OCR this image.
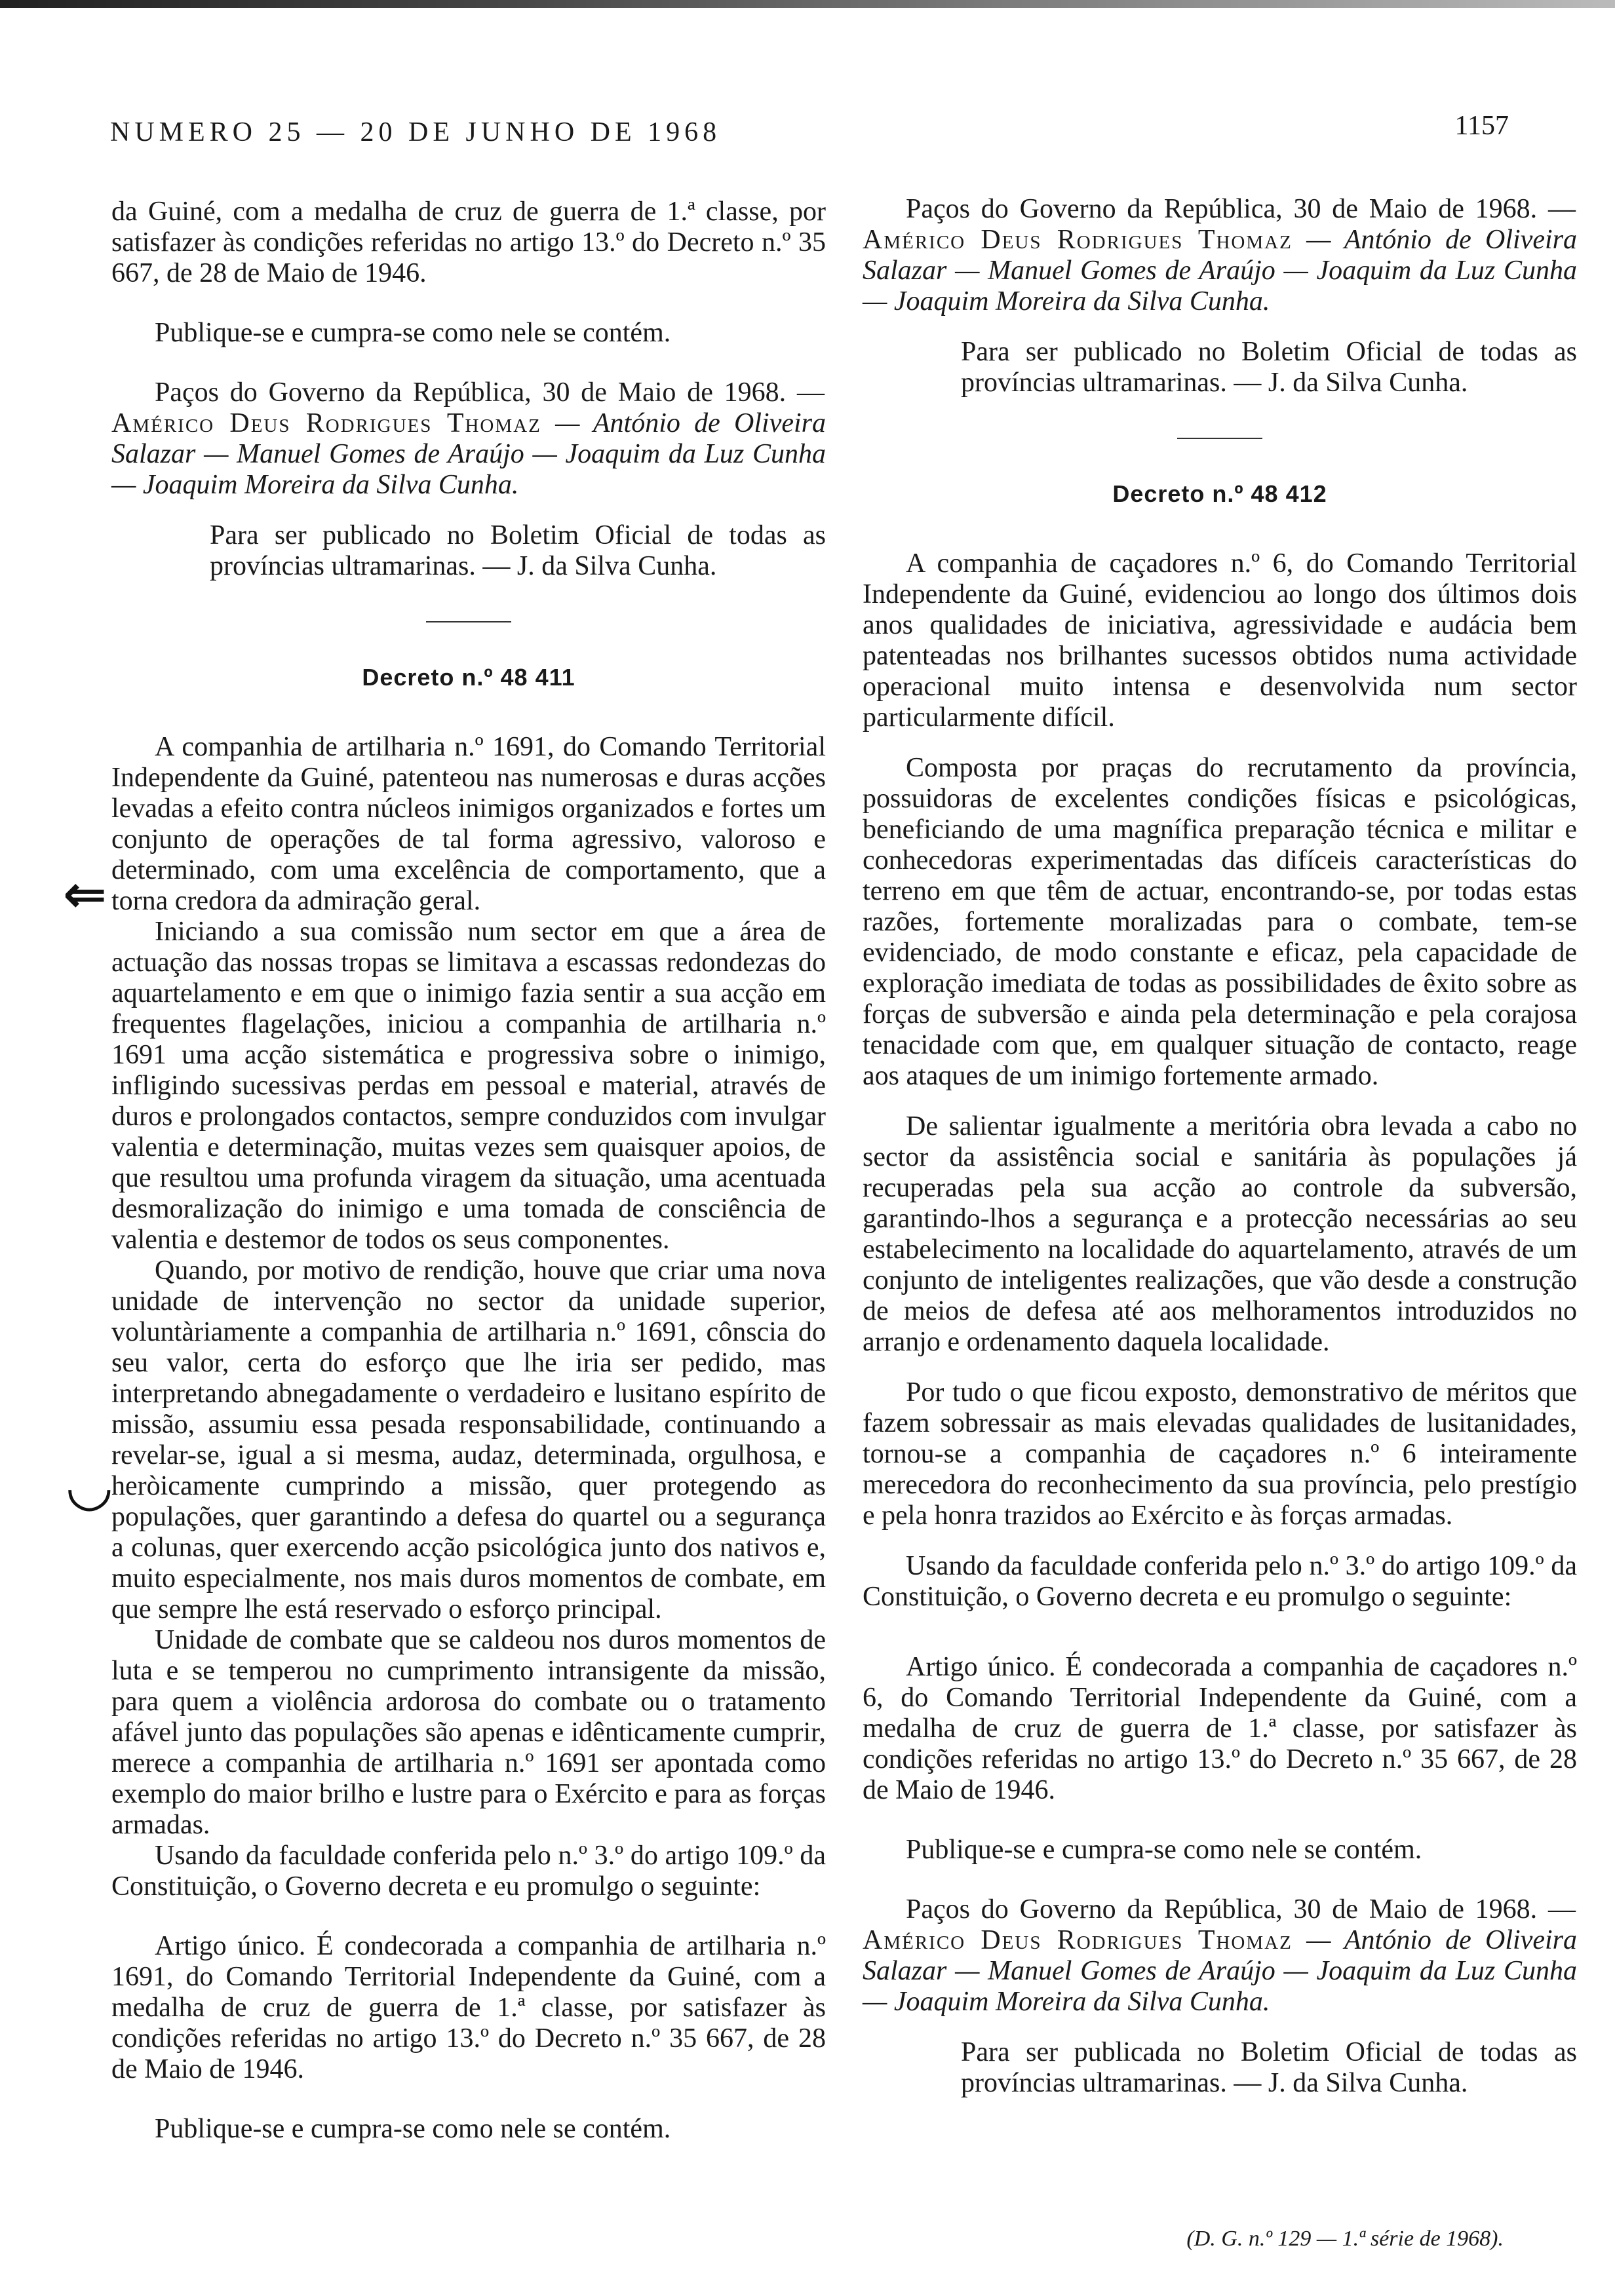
NUMERO 25 — 20 DE JUNHO DE 1968	1157
⇐
◡

da Guiné, com a medalha de cruz de guerra de 1.ª classe, por satisfazer às condições referidas no artigo 13.º do Decreto n.º 35 667, de 28 de Maio de 1946.

Publique-se e cumpra-se como nele se contém.

Paços do Governo da República, 30 de Maio de 1968. — Américo Deus Rodrigues Thomaz — António de Oliveira Salazar — Manuel Gomes de Araújo — Joaquim da Luz Cunha — Joaquim Moreira da Silva Cunha.

Para ser publicado no Boletim Oficial de todas as províncias ultramarinas. — J. da Silva Cunha.

Decreto n.º 48 411

A companhia de artilharia n.º 1691, do Comando Territorial Independente da Guiné, patenteou nas numerosas e duras acções levadas a efeito contra núcleos inimigos organizados e fortes um conjunto de operações de tal forma agressivo, valoroso e determinado, com uma excelência de comportamento, que a torna credora da admiração geral.

Iniciando a sua comissão num sector em que a área de actuação das nossas tropas se limitava a escassas redondezas do aquartelamento e em que o inimigo fazia sentir a sua acção em frequentes flagelações, iniciou a companhia de artilharia n.º 1691 uma acção sistemática e progressiva sobre o inimigo, infligindo sucessivas perdas em pessoal e material, através de duros e prolongados contactos, sempre conduzidos com invulgar valentia e determinação, muitas vezes sem quaisquer apoios, de que resultou uma profunda viragem da situação, uma acentuada desmoralização do inimigo e uma tomada de consciência de valentia e destemor de todos os seus componentes.

Quando, por motivo de rendição, houve que criar uma nova unidade de intervenção no sector da unidade superior, voluntàriamente a companhia de artilharia n.º 1691, cônscia do seu valor, certa do esforço que lhe iria ser pedido, mas interpretando abnegadamente o verdadeiro e lusitano espírito de missão, assumiu essa pesada responsabilidade, continuando a revelar-se, igual a si mesma, audaz, determinada, orgulhosa, e heròicamente cumprindo a missão, quer protegendo as populações, quer garantindo a defesa do quartel ou a segurança a colunas, quer exercendo acção psicológica junto dos nativos e, muito especialmente, nos mais duros momentos de combate, em que sempre lhe está reservado o esforço principal.

Unidade de combate que se caldeou nos duros momentos de luta e se temperou no cumprimento intransigente da missão, para quem a violência ardorosa do combate ou o tratamento afável junto das populações são apenas e idênticamente cumprir, merece a companhia de artilharia n.º 1691 ser apontada como exemplo do maior brilho e lustre para o Exército e para as forças armadas.

Usando da faculdade conferida pelo n.º 3.º do artigo 109.º da Constituição, o Governo decreta e eu promulgo o seguinte:

Artigo único. É condecorada a companhia de artilharia n.º 1691, do Comando Territorial Independente da Guiné, com a medalha de cruz de guerra de 1.ª classe, por satisfazer às condições referidas no artigo 13.º do Decreto n.º 35 667, de 28 de Maio de 1946.

Publique-se e cumpra-se como nele se contém.

Paços do Governo da República, 30 de Maio de 1968. — Américo Deus Rodrigues Thomaz — António de Oliveira Salazar — Manuel Gomes de Araújo — Joaquim da Luz Cunha — Joaquim Moreira da Silva Cunha.

Para ser publicado no Boletim Oficial de todas as províncias ultramarinas. — J. da Silva Cunha.

Decreto n.º 48 412

A companhia de caçadores n.º 6, do Comando Territorial Independente da Guiné, evidenciou ao longo dos últimos dois anos qualidades de iniciativa, agressividade e audácia bem patenteadas nos brilhantes sucessos obtidos numa actividade operacional muito intensa e desenvolvida num sector particularmente difícil.

Composta por praças do recrutamento da província, possuidoras de excelentes condições físicas e psicológicas, beneficiando de uma magnífica preparação técnica e militar e conhecedoras experimentadas das difíceis características do terreno em que têm de actuar, encontrando-se, por todas estas razões, fortemente moralizadas para o combate, tem-se evidenciado, de modo constante e eficaz, pela capacidade de exploração imediata de todas as possibilidades de êxito sobre as forças de subversão e ainda pela determinação e pela corajosa tenacidade com que, em qualquer situação de contacto, reage aos ataques de um inimigo fortemente armado.

De salientar igualmente a meritória obra levada a cabo no sector da assistência social e sanitária às populações já recuperadas pela sua acção ao controle da subversão, garantindo-lhos a segurança e a protecção necessárias ao seu estabelecimento na localidade do aquartelamento, através de um conjunto de inteligentes realizações, que vão desde a construção de meios de defesa até aos melhoramentos introduzidos no arranjo e ordenamento daquela localidade.

Por tudo o que ficou exposto, demonstrativo de méritos que fazem sobressair as mais elevadas qualidades de lusitanidades, tornou-se a companhia de caçadores n.º 6 inteiramente merecedora do reconhecimento da sua província, pelo prestígio e pela honra trazidos ao Exército e às forças armadas.

Usando da faculdade conferida pelo n.º 3.º do artigo 109.º da Constituição, o Governo decreta e eu promulgo o seguinte:

Artigo único. É condecorada a companhia de caçadores n.º 6, do Comando Territorial Independente da Guiné, com a medalha de cruz de guerra de 1.ª classe, por satisfazer às condições referidas no artigo 13.º do Decreto n.º 35 667, de 28 de Maio de 1946.

Publique-se e cumpra-se como nele se contém.

Paços do Governo da República, 30 de Maio de 1968. — Américo Deus Rodrigues Thomaz — António de Oliveira Salazar — Manuel Gomes de Araújo — Joaquim da Luz Cunha — Joaquim Moreira da Silva Cunha.

Para ser publicada no Boletim Oficial de todas as províncias ultramarinas. — J. da Silva Cunha.

(D. G. n.º 129 — 1.ª série de 1968).
